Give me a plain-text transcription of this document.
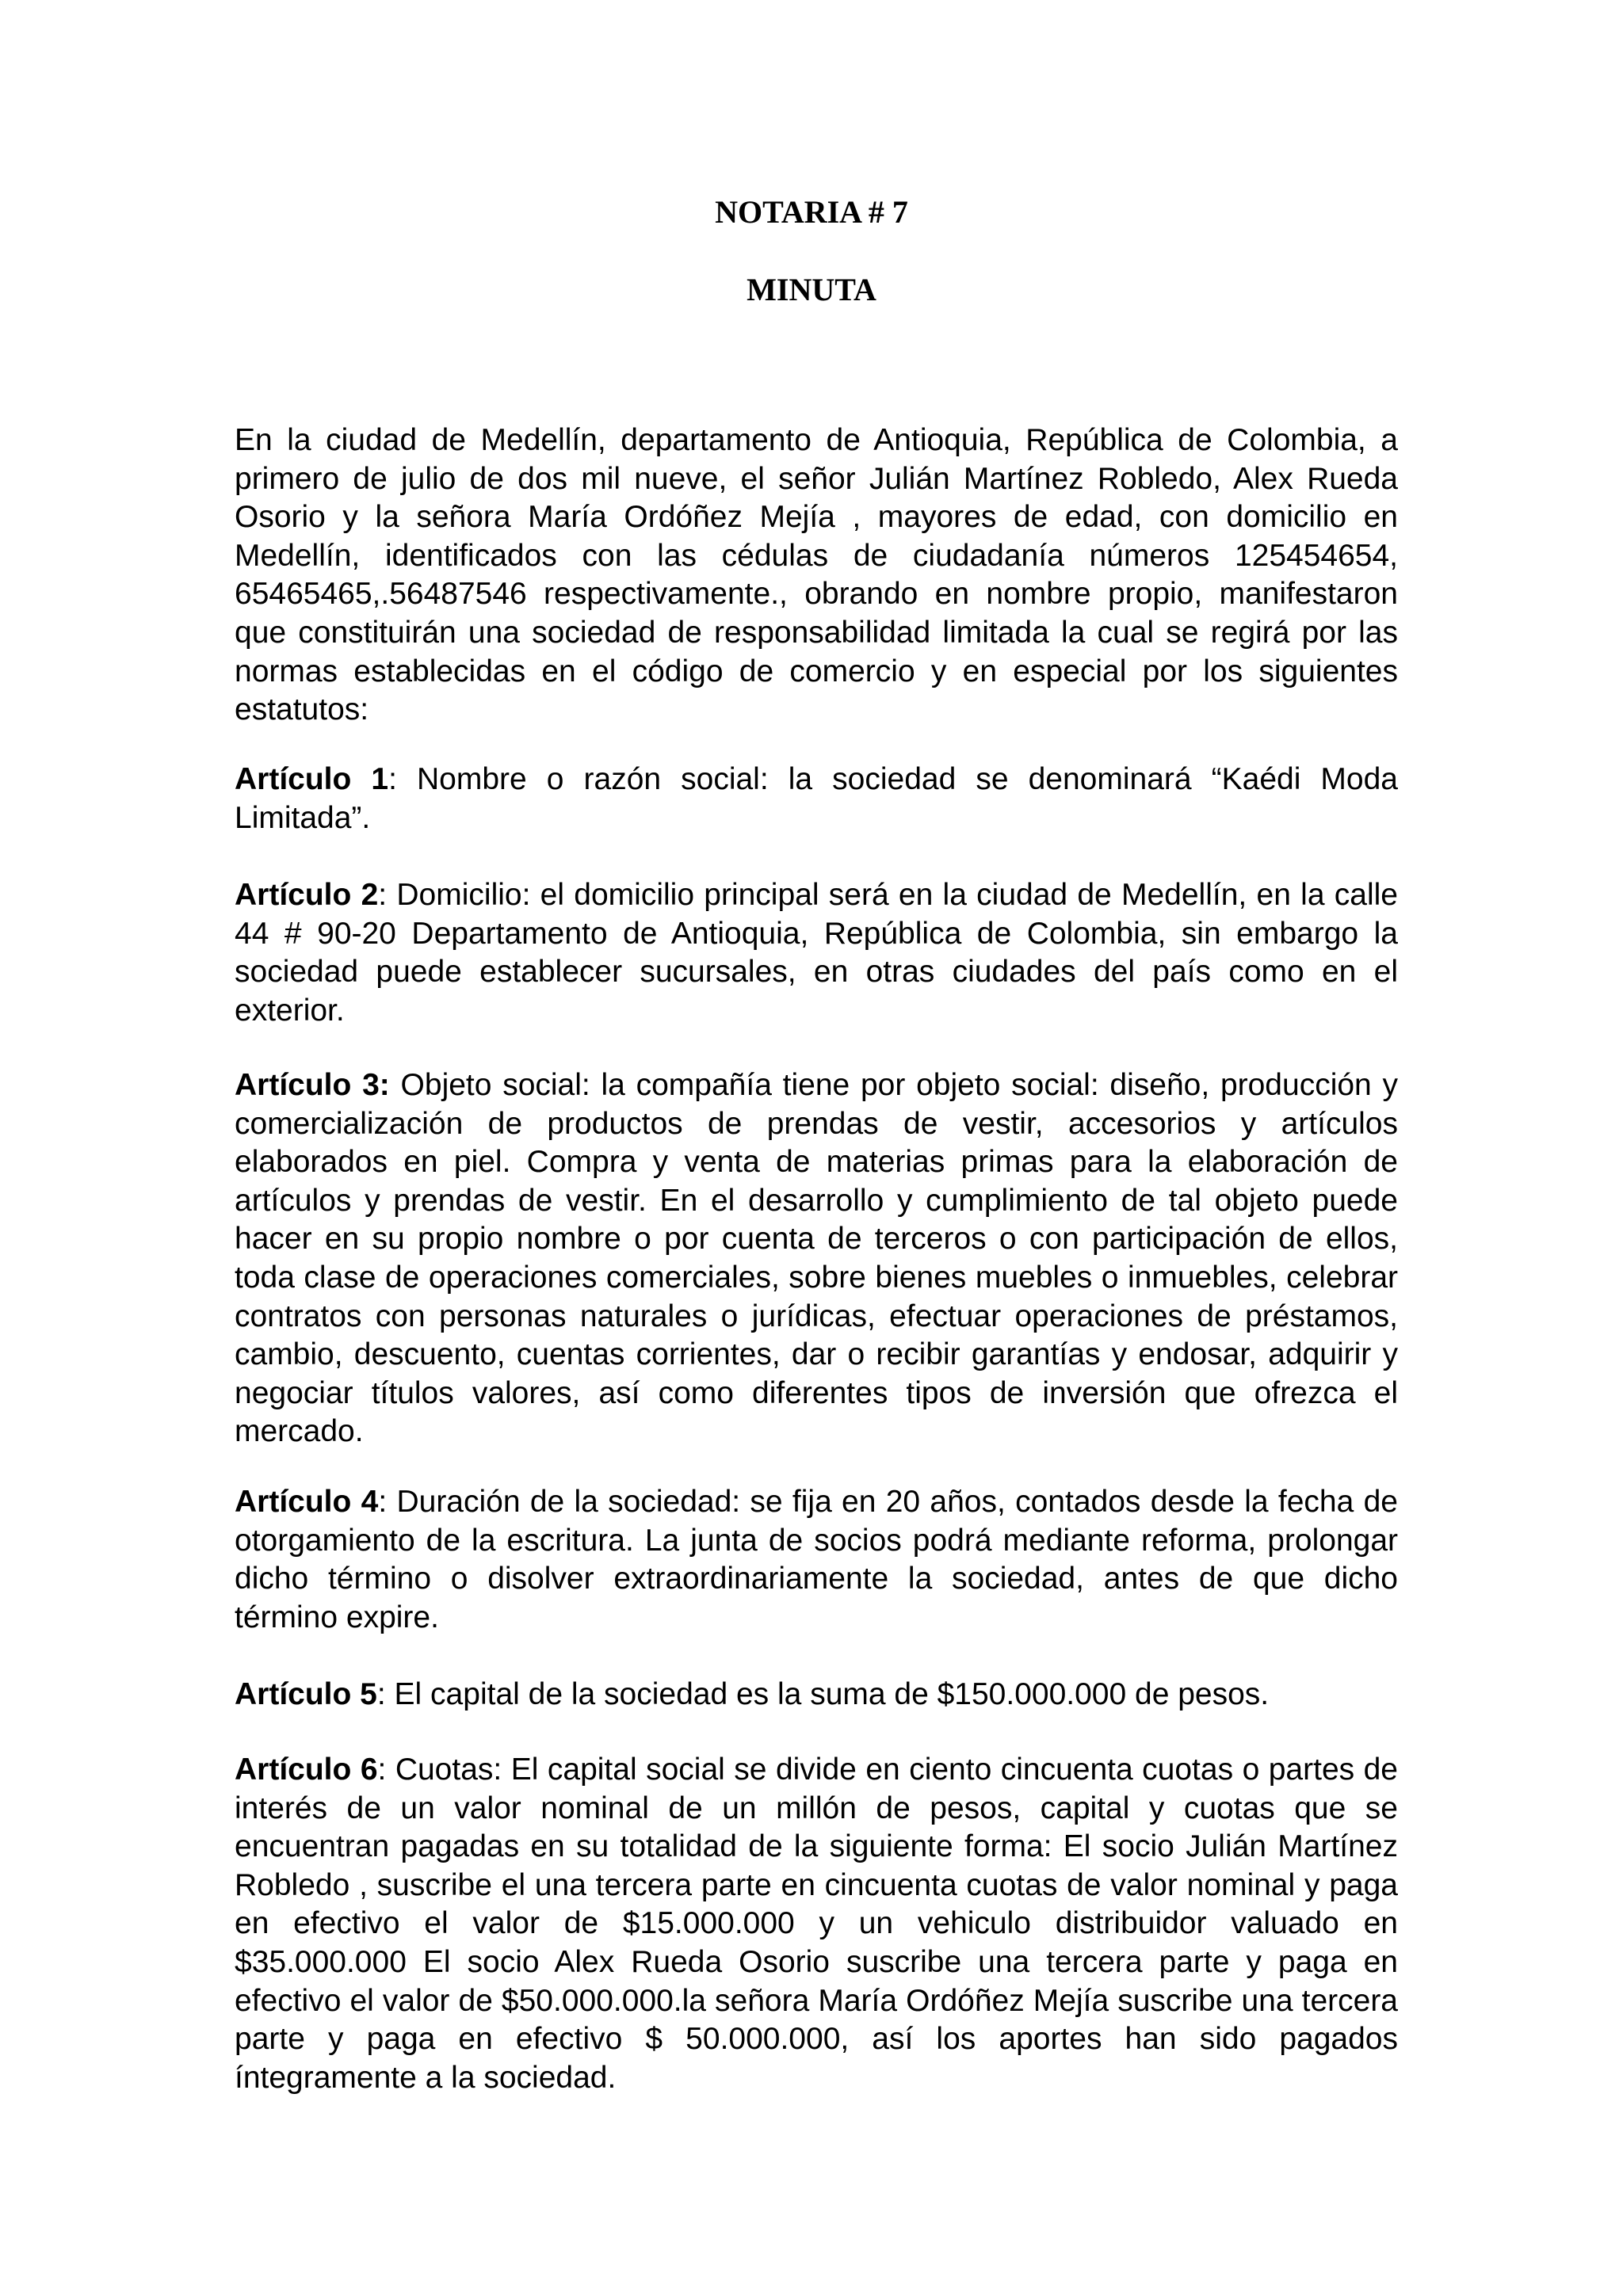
NOTARIA # 7
MINUTA

En la ciudad de Medellín, departamento de Antioquia, República de Colombia, a primero de julio de dos mil nueve, el señor Julián Martínez Robledo, Alex Rueda Osorio y la señora María Ordóñez Mejía , mayores de edad, con domicilio en Medellín, identificados con las cédulas de ciudadanía números 125454654, 65465465,.56487546 respectivamente., obrando en nombre propio, manifestaron que constituirán una sociedad de responsabilidad limitada la cual se regirá por las normas establecidas en el código de comercio y en especial por los siguientes estatutos:

Artículo 1: Nombre o razón social: la sociedad se denominará “Kaédi Moda Limitada”.

Artículo 2: Domicilio: el domicilio principal será en la ciudad de Medellín, en la calle 44 # 90-20 Departamento de Antioquia, República de Colombia, sin embargo la sociedad puede establecer sucursales, en otras ciudades del país como en el exterior.

Artículo 3: Objeto social: la compañía tiene por objeto social: diseño, producción y comercialización de productos de prendas de vestir, accesorios y artículos elaborados en piel. Compra y venta de materias primas para la elaboración de artículos y prendas de vestir. En el desarrollo y cumplimiento de tal objeto puede hacer en su propio nombre o por cuenta de terceros o con participación de ellos, toda clase de operaciones comerciales, sobre bienes muebles o inmuebles, celebrar contratos con personas naturales o jurídicas, efectuar operaciones de préstamos, cambio, descuento, cuentas corrientes, dar o recibir garantías y endosar, adquirir y negociar títulos valores, así como diferentes tipos de inversión que ofrezca el mercado.

Artículo 4: Duración de la sociedad: se fija en 20 años, contados desde la fecha de otorgamiento de la escritura. La junta de socios podrá mediante reforma, prolongar dicho término o disolver extraordinariamente la sociedad, antes de que dicho término expire.

Artículo 5: El capital de la sociedad es la suma de $150.000.000 de pesos.

Artículo 6: Cuotas: El capital social se divide en ciento cincuenta cuotas o partes de interés de un valor nominal de un millón de pesos, capital y cuotas que se encuentran pagadas en su totalidad de la siguiente forma: El socio Julián Martínez Robledo , suscribe el una tercera parte en cincuenta cuotas de valor nominal y paga en efectivo el valor de $15.000.000 y un vehiculo distribuidor valuado en $35.000.000 El socio Alex Rueda Osorio suscribe una tercera parte y paga en efectivo el valor de $50.000.000.la señora María Ordóñez Mejía suscribe una tercera parte y paga en efectivo $ 50.000.000, así los aportes han sido pagados íntegramente a la sociedad.
